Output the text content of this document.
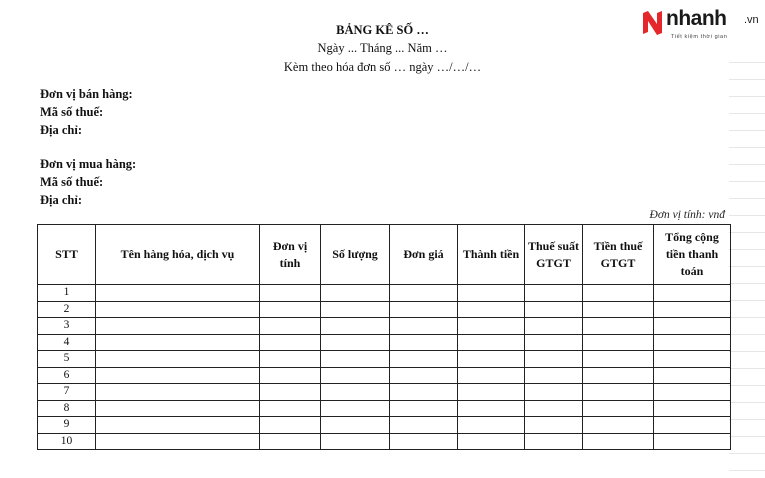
nhanh .vn
Tiết kiệm thời gian
BẢNG KÊ SỐ …
Ngày ... Tháng ... Năm …
Kèm theo hóa đơn số … ngày …/…/…
Đơn vị bán hàng:
Mã số thuế:
Địa chỉ:
Đơn vị mua hàng:
Mã số thuế:
Địa chỉ:
Đơn vị tính: vnđ
STT	Tên hàng hóa, dịch vụ	Đơn vị tính	Số lượng	Đơn giá	Thành tiền	Thuế suất GTGT	Tiền thuế GTGT	Tổng cộng tiền thanh toán
1								
2								
3								
4								
5								
6								
7								
8								
9								
10								
